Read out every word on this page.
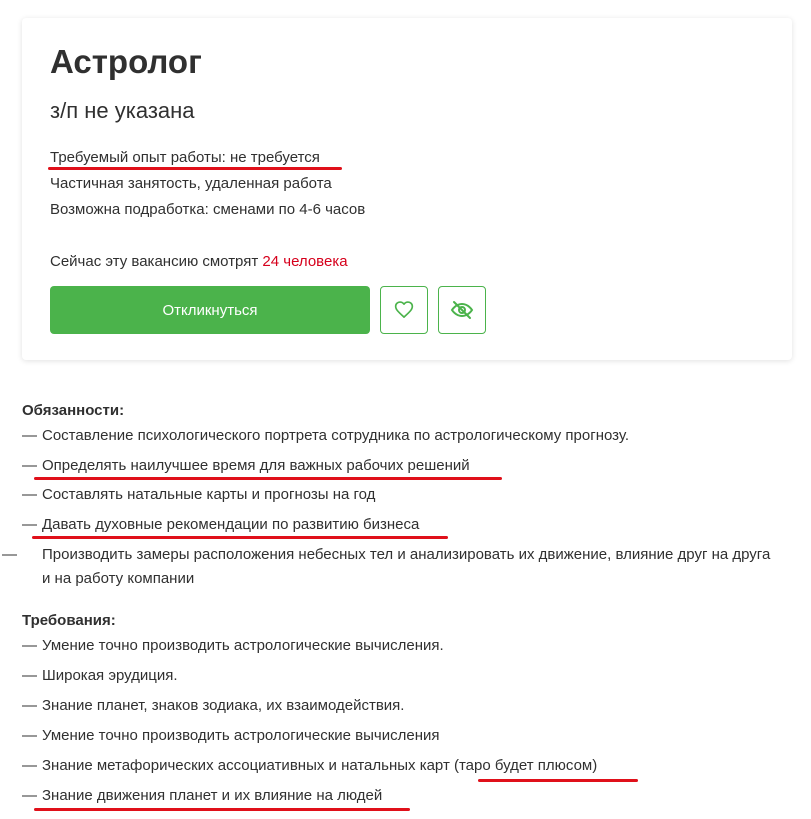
Астролог
з/п не указана
Требуемый опыт работы: не требуется
Частичная занятость, удаленная работа
Возможна подработка: сменами по 4-6 часов
Сейчас эту вакансию смотрят 24 человека
Откликнуться
Обязанности:
— Составление психологического портрета сотрудника по астрологическому прогнозу.
— Определять наилучшее время для важных рабочих решений
— Составлять натальные карты и прогнозы на год
— Давать духовные рекомендации по развитию бизнеса
— Производить замеры расположения небесных тел и анализировать их движение, влияние друг на друга и на работу компании
Требования:
— Умение точно производить астрологические вычисления.
— Широкая эрудиция.
— Знание планет, знаков зодиака, их взаимодействия.
— Умение точно производить астрологические вычисления
— Знание метафорических ассоциативных и натальных карт (таро будет плюсом)
— Знание движения планет и их влияние на людей
